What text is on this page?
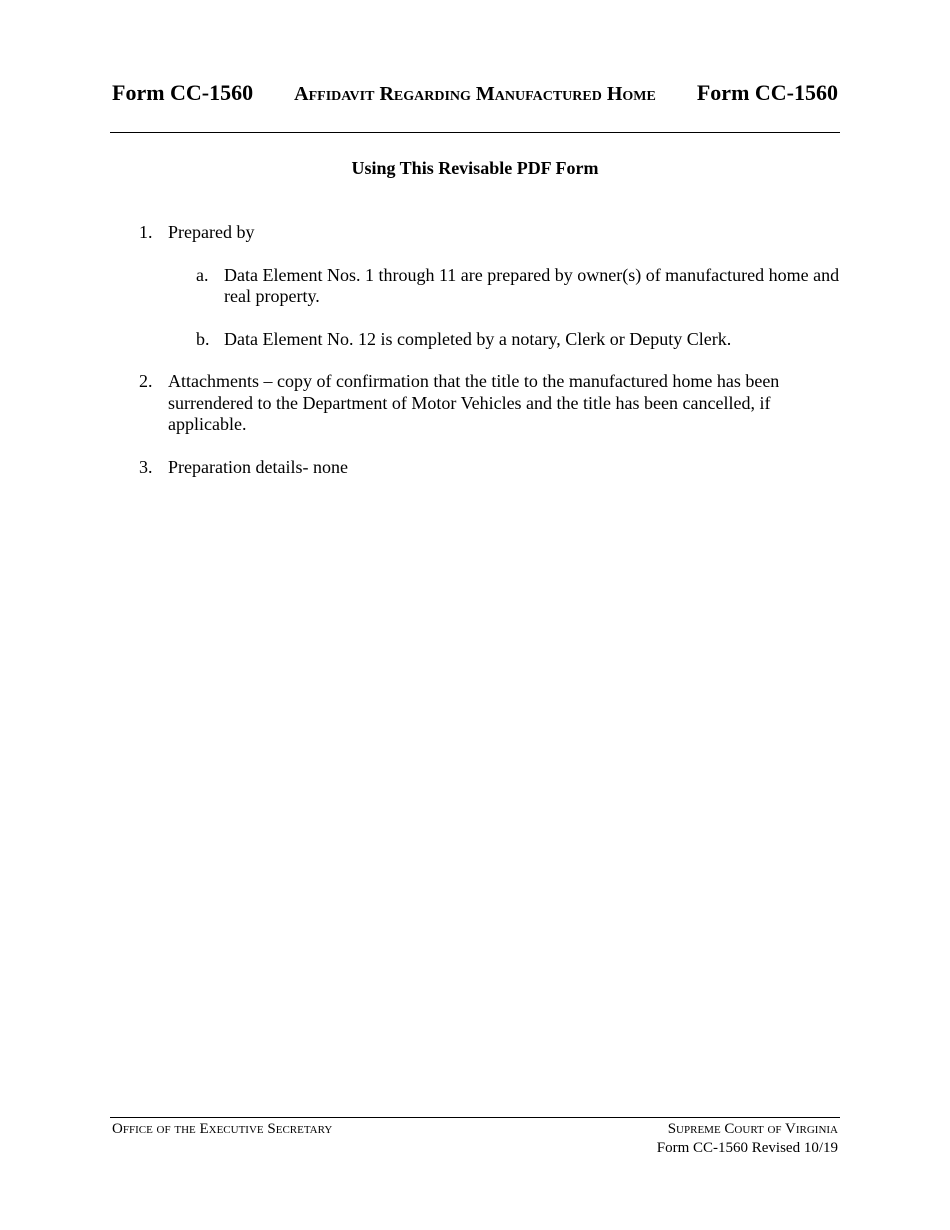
Form CC-1560	Affidavit Regarding Manufactured Home	Form CC-1560
Using This Revisable PDF Form
1. Prepared by
a. Data Element Nos. 1 through 11 are prepared by owner(s) of manufactured home and real property.
b. Data Element No. 12 is completed by a notary, Clerk or Deputy Clerk.
2. Attachments – copy of confirmation that the title to the manufactured home has been surrendered to the Department of Motor Vehicles and the title has been cancelled, if applicable.
3. Preparation details- none
Office of the Executive Secretary	Supreme Court of Virginia
Form CC-1560 Revised 10/19
